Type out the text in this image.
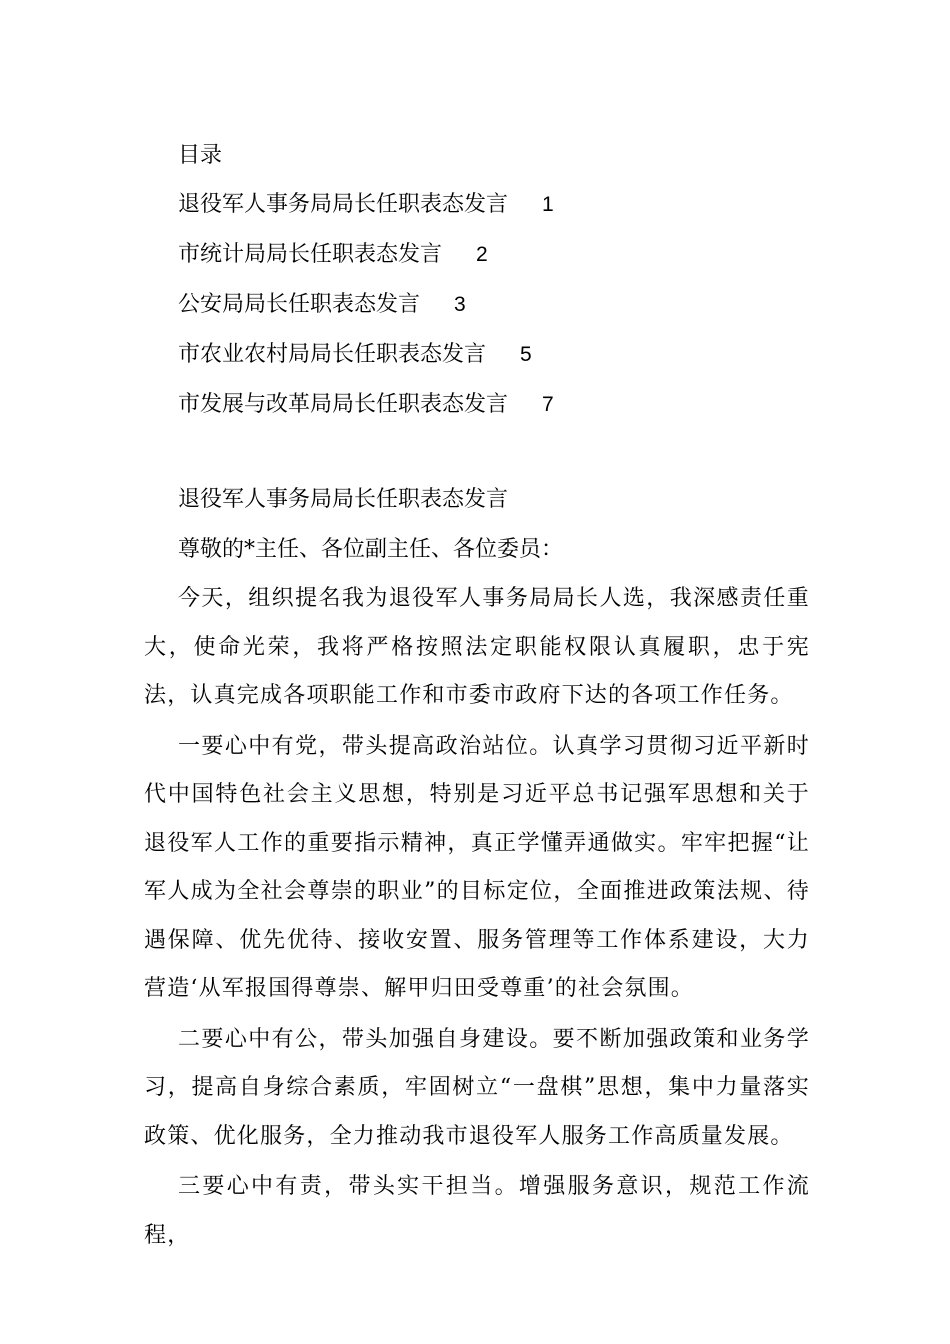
目录
退役军人事务局局长任职表态发言 1
市统计局局长任职表态发言 2
公安局局长任职表态发言 3
市农业农村局局长任职表态发言 5
市发展与改革局局长任职表态发言 7
退役军人事务局局长任职表态发言
尊敬的*主任、各位副主任、各位委员：

今天，组织提名我为退役军人事务局局长人选，我深感责任重大，使命光荣，我将严格按照法定职能权限认真履职，忠于宪法，认真完成各项职能工作和市委市政府下达的各项工作任务。

一要心中有党，带头提高政治站位。认真学习贯彻习近平新时代中国特色社会主义思想，特别是习近平总书记强军思想和关于退役军人工作的重要指示精神，真正学懂弄通做实。牢牢把握“让军人成为全社会尊崇的职业”的目标定位，全面推进政策法规、待遇保障、优先优待、接收安置、服务管理等工作体系建设，大力营造‘从军报国得尊崇、解甲归田受尊重’的社会氛围。

二要心中有公，带头加强自身建设。要不断加强政策和业务学习，提高自身综合素质，牢固树立“一盘棋”思想，集中力量落实政策、优化服务，全力推动我市退役军人服务工作高质量发展。

三要心中有责，带头实干担当。增强服务意识，规范工作流程，
